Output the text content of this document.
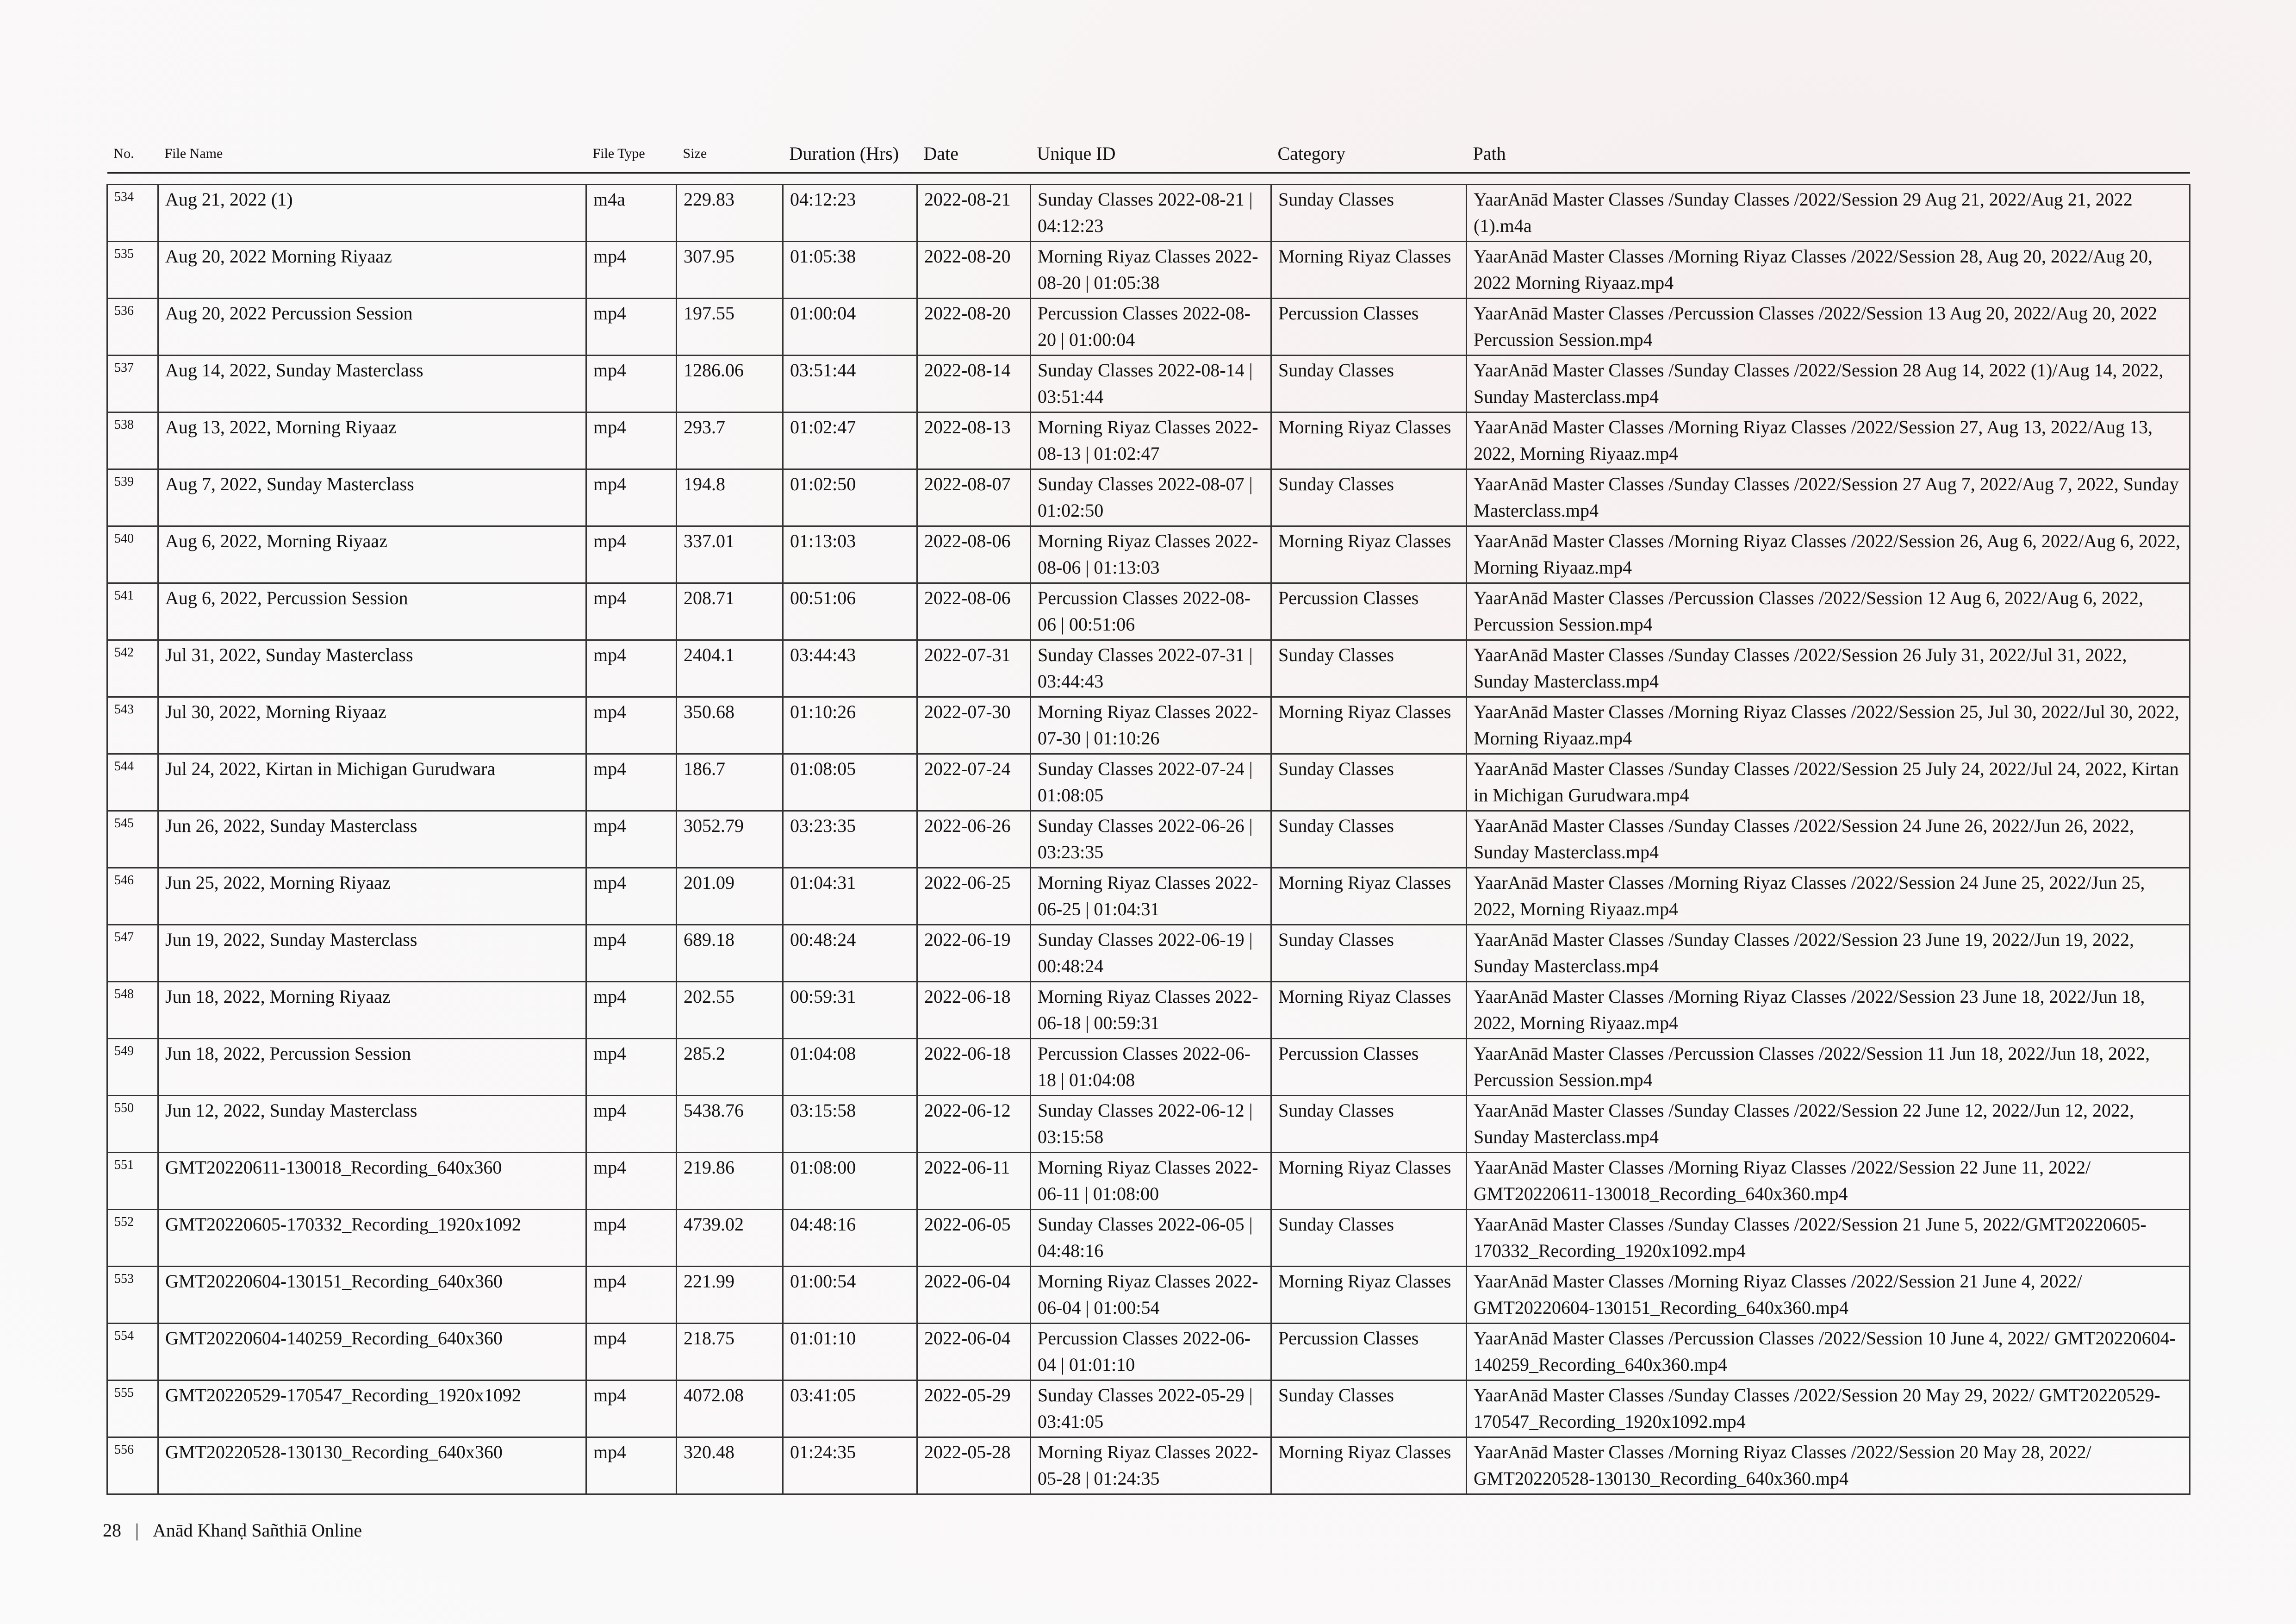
No.	File Name	File Type	Size	Duration (Hrs)	Date	Unique ID	Category	Path

534	Aug 21, 2022 (1)	m4a	229.83	04:12:23	2022-08-21	Sunday Classes 2022-08-21 | 04:12:23	Sunday Classes	YaarAnād Master Classes /Sunday Classes /2022/Session 29 Aug 21, 2022/Aug 21, 2022 (1).m4a
535	Aug 20, 2022 Morning Riyaaz	mp4	307.95	01:05:38	2022-08-20	Morning Riyaz Classes 2022-08-20 | 01:05:38	Morning Riyaz Classes	YaarAnād Master Classes /Morning Riyaz Classes /2022/Session 28, Aug 20, 2022/Aug 20, 2022 Morning Riyaaz.mp4
536	Aug 20, 2022 Percussion Session	mp4	197.55	01:00:04	2022-08-20	Percussion Classes 2022-08-20 | 01:00:04	Percussion Classes	YaarAnād Master Classes /Percussion Classes /2022/Session 13 Aug 20, 2022/Aug 20, 2022 Percussion Session.mp4
537	Aug 14, 2022, Sunday Masterclass	mp4	1286.06	03:51:44	2022-08-14	Sunday Classes 2022-08-14 | 03:51:44	Sunday Classes	YaarAnād Master Classes /Sunday Classes /2022/Session 28 Aug 14, 2022 (1)/Aug 14, 2022, Sunday Masterclass.mp4
538	Aug 13, 2022, Morning Riyaaz	mp4	293.7	01:02:47	2022-08-13	Morning Riyaz Classes 2022-08-13 | 01:02:47	Morning Riyaz Classes	YaarAnād Master Classes /Morning Riyaz Classes /2022/Session 27, Aug 13, 2022/Aug 13, 2022, Morning Riyaaz.mp4
539	Aug 7, 2022, Sunday Masterclass	mp4	194.8	01:02:50	2022-08-07	Sunday Classes 2022-08-07 | 01:02:50	Sunday Classes	YaarAnād Master Classes /Sunday Classes /2022/Session 27 Aug 7, 2022/Aug 7, 2022, Sunday Masterclass.mp4
540	Aug 6, 2022, Morning Riyaaz	mp4	337.01	01:13:03	2022-08-06	Morning Riyaz Classes 2022-08-06 | 01:13:03	Morning Riyaz Classes	YaarAnād Master Classes /Morning Riyaz Classes /2022/Session 26, Aug 6, 2022/Aug 6, 2022, Morning Riyaaz.mp4
541	Aug 6, 2022, Percussion Session	mp4	208.71	00:51:06	2022-08-06	Percussion Classes 2022-08-06 | 00:51:06	Percussion Classes	YaarAnād Master Classes /Percussion Classes /2022/Session 12 Aug 6, 2022/Aug 6, 2022, Percussion Session.mp4
542	Jul 31, 2022, Sunday Masterclass	mp4	2404.1	03:44:43	2022-07-31	Sunday Classes 2022-07-31 | 03:44:43	Sunday Classes	YaarAnād Master Classes /Sunday Classes /2022/Session 26 July 31, 2022/Jul 31, 2022, Sunday Masterclass.mp4
543	Jul 30, 2022, Morning Riyaaz	mp4	350.68	01:10:26	2022-07-30	Morning Riyaz Classes 2022-07-30 | 01:10:26	Morning Riyaz Classes	YaarAnād Master Classes /Morning Riyaz Classes /2022/Session 25, Jul 30, 2022/Jul 30, 2022, Morning Riyaaz.mp4
544	Jul 24, 2022, Kirtan in Michigan Gurudwara	mp4	186.7	01:08:05	2022-07-24	Sunday Classes 2022-07-24 | 01:08:05	Sunday Classes	YaarAnād Master Classes /Sunday Classes /2022/Session 25 July 24, 2022/Jul 24, 2022, Kirtan in Michigan Gurudwara.mp4
545	Jun 26, 2022, Sunday Masterclass	mp4	3052.79	03:23:35	2022-06-26	Sunday Classes 2022-06-26 | 03:23:35	Sunday Classes	YaarAnād Master Classes /Sunday Classes /2022/Session 24 June 26, 2022/Jun 26, 2022, Sunday Masterclass.mp4
546	Jun 25, 2022, Morning Riyaaz	mp4	201.09	01:04:31	2022-06-25	Morning Riyaz Classes 2022-06-25 | 01:04:31	Morning Riyaz Classes	YaarAnād Master Classes /Morning Riyaz Classes /2022/Session 24 June 25, 2022/Jun 25, 2022, Morning Riyaaz.mp4
547	Jun 19, 2022, Sunday Masterclass	mp4	689.18	00:48:24	2022-06-19	Sunday Classes 2022-06-19 | 00:48:24	Sunday Classes	YaarAnād Master Classes /Sunday Classes /2022/Session 23 June 19, 2022/Jun 19, 2022, Sunday Masterclass.mp4
548	Jun 18, 2022, Morning Riyaaz	mp4	202.55	00:59:31	2022-06-18	Morning Riyaz Classes 2022-06-18 | 00:59:31	Morning Riyaz Classes	YaarAnād Master Classes /Morning Riyaz Classes /2022/Session 23 June 18, 2022/Jun 18, 2022, Morning Riyaaz.mp4
549	Jun 18, 2022, Percussion Session	mp4	285.2	01:04:08	2022-06-18	Percussion Classes 2022-06-18 | 01:04:08	Percussion Classes	YaarAnād Master Classes /Percussion Classes /2022/Session 11 Jun 18, 2022/Jun 18, 2022, Percussion Session.mp4
550	Jun 12, 2022, Sunday Masterclass	mp4	5438.76	03:15:58	2022-06-12	Sunday Classes 2022-06-12 | 03:15:58	Sunday Classes	YaarAnād Master Classes /Sunday Classes /2022/Session 22 June 12, 2022/Jun 12, 2022, Sunday Masterclass.mp4
551	GMT20220611-130018_Recording_640x360	mp4	219.86	01:08:00	2022-06-11	Morning Riyaz Classes 2022-06-11 | 01:08:00	Morning Riyaz Classes	YaarAnād Master Classes /Morning Riyaz Classes /2022/Session 22 June 11, 2022/ GMT20220611-130018_Recording_640x360.mp4
552	GMT20220605-170332_Recording_1920x1092	mp4	4739.02	04:48:16	2022-06-05	Sunday Classes 2022-06-05 | 04:48:16	Sunday Classes	YaarAnād Master Classes /Sunday Classes /2022/Session 21 June 5, 2022/GMT20220605-170332_Recording_1920x1092.mp4
553	GMT20220604-130151_Recording_640x360	mp4	221.99	01:00:54	2022-06-04	Morning Riyaz Classes 2022-06-04 | 01:00:54	Morning Riyaz Classes	YaarAnād Master Classes /Morning Riyaz Classes /2022/Session 21 June 4, 2022/ GMT20220604-130151_Recording_640x360.mp4
554	GMT20220604-140259_Recording_640x360	mp4	218.75	01:01:10	2022-06-04	Percussion Classes 2022-06-04 | 01:01:10	Percussion Classes	YaarAnād Master Classes /Percussion Classes /2022/Session 10 June 4, 2022/ GMT20220604-140259_Recording_640x360.mp4
555	GMT20220529-170547_Recording_1920x1092	mp4	4072.08	03:41:05	2022-05-29	Sunday Classes 2022-05-29 | 03:41:05	Sunday Classes	YaarAnād Master Classes /Sunday Classes /2022/Session 20 May 29, 2022/ GMT20220529-170547_Recording_1920x1092.mp4
556	GMT20220528-130130_Recording_640x360	mp4	320.48	01:24:35	2022-05-28	Morning Riyaz Classes 2022-05-28 | 01:24:35	Morning Riyaz Classes	YaarAnād Master Classes /Morning Riyaz Classes /2022/Session 20 May 28, 2022/ GMT20220528-130130_Recording_640x360.mp4
28 | Anād Khanḍ Sañthiā Online
